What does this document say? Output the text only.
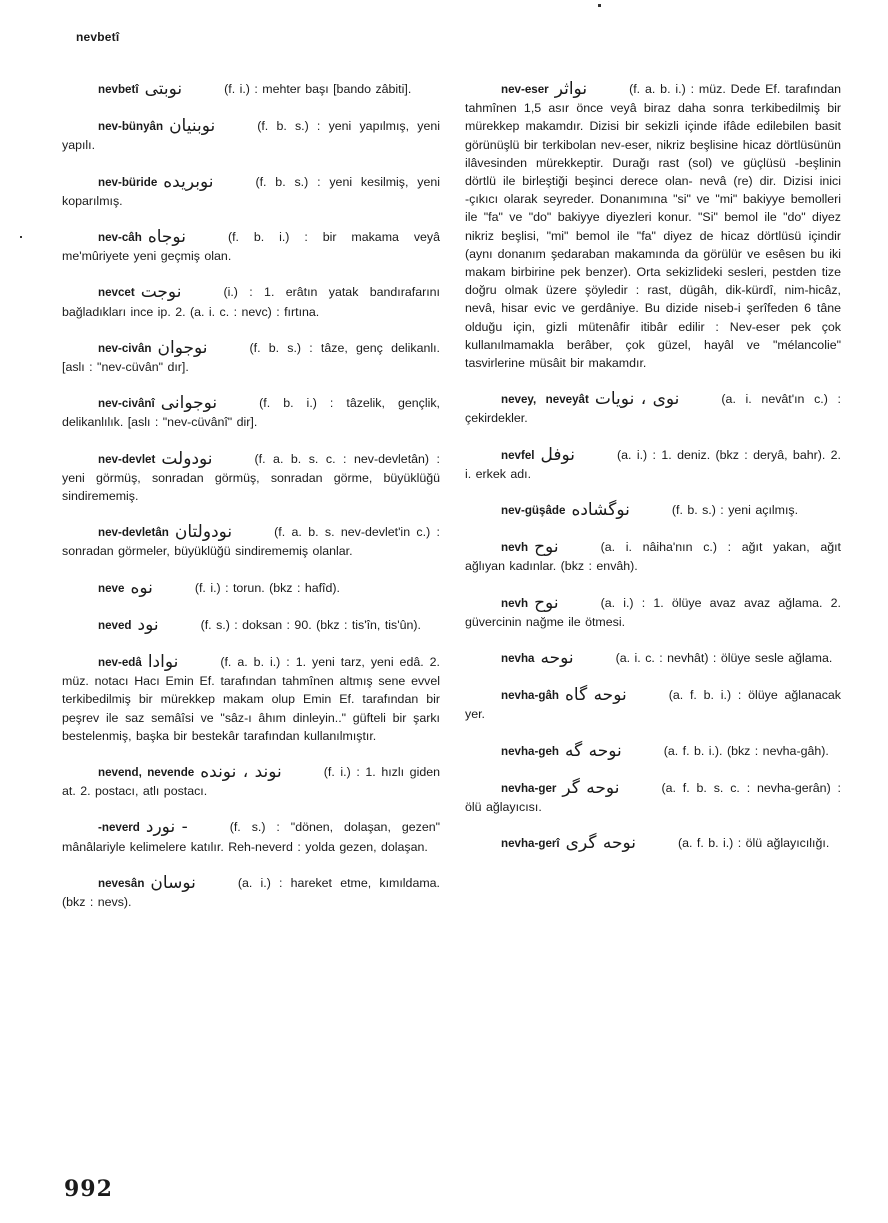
nevbetî

nevbetî نوبتی	(f. i.) : mehter başı [bando zâbiti].

nev-bünyân نوبنیان	(f. b. s.) : yeni yapılmış, yeni yapılı.

nev-büride نوبریده	(f. b. s.) : yeni kesilmiş, yeni koparılmış.

nev-câh نوجاه	(f. b. i.) : bir makama veyâ me'mûriyete yeni geçmiş olan.

nevcet نوجت	(i.) : 1. erâtın yatak bandırafarını bağladıkları ince ip. 2. (a. i. c. : nevc) : fırtına.

nev-civân نوجوان	(f. b. s.) : tâze, genç delikanlı. [aslı : "nev-cüvân" dır].

nev-civânî نوجوانی	(f. b. i.) : tâzelik, gençlik, delikanlılık. [aslı : "nev-cüvânî" dir].

nev-devlet نودولت	(f. a. b. s. c. : nev-devletân) : yeni görmüş, sonradan görmüş, sonradan görme, büyüklüğü sindirememiş.

nev-devletân نودولتان	(f. a. b. s. nev-devlet'in c.) : sonradan görmeler, büyüklüğü sindirememiş olanlar.

neve نوه	(f. i.) : torun. (bkz : hafîd).

neved نود	(f. s.) : doksan : 90. (bkz : tis'în, tis'ûn).

nev-edâ نوادا	(f. a. b. i.) : 1. yeni tarz, yeni edâ. 2. müz. notacı Hacı Emin Ef. tarafından tahmînen altmış sene evvel terkibedilmiş bir mürekkep makam olup Emin Ef. tarafından bir peşrev ile saz semâîsi ve "sâz-ı âhım dinleyin.." güfteli bir şarkı bestelenmiş, başka bir bestekâr tarafından kullanılmıştır.

nevend, nevende نوند ، نونده	(f. i.) : 1. hızlı giden at. 2. postacı, atlı postacı.

-neverd - نورد	(f. s.) : "dönen, dolaşan, gezen" mânâlariyle kelimelere katılır. Reh-neverd : yolda gezen, dolaşan.

nevesân نوسان	(a. i.) : hareket etme, kımıldama. (bkz : nevs).

nev-eser نواثر	(f. a. b. i.) : müz. Dede Ef. tarafından tahmînen 1,5 asır önce veyâ biraz daha sonra terkibedilmiş bir mürekkep makamdır. Dizisi bir sekizli içinde ifâde edilebilen basit görünüşlü bir terkibolan nev-eser, nikriz beşlisine hicaz dörtlüsünün ilâvesinden mürekkeptir. Durağı rast (sol) ve güçlüsü -beşlinin dörtlü ile birleştiği beşinci derece olan- nevâ (re) dir. Dizisi inici -çıkıcı olarak seyreder. Donanımına "si" ve "mi" bakiyye bemolleri ile "fa" ve "do" bakiyye diyezleri konur. "Si" bemol ile "do" diyez nikriz beşlisi, "mi" bemol ile "fa" diyez de hicaz dörtlüsü içindir (aynı donanım şedaraban makamında da görülür ve esêsen bu iki makam birbirine pek benzer). Orta sekizlideki sesleri, pestden tize doğru olmak üzere şöyledir : rast, dügâh, dik-kürdî, nim-hicâz, nevâ, hisar evic ve gerdâniye. Bu dizide niseb-i şerîfeden 6 tâne olduğu için, gizli mütenâfir itibâr edilir : Nev-eser pek çok kullanılmamakla berâber, çok güzel, hayâl ve "mélancolie" tasvirlerine müsâit bir makamdır.

nevey, neveyât نوی ، نویات	(a. i. nevât'ın c.) : çekirdekler.

nevfel نوفل	(a. i.) : 1. deniz. (bkz : deryâ, bahr). 2. i. erkek adı.

nev-güşâde نوگشاده	(f. b. s.) : yeni açılmış.

nevh نوح	(a. i. nâiha'nın c.) : ağıt yakan, ağıt ağlıyan kadınlar. (bkz : envâh).

nevh نوح	(a. i.) : 1. ölüye avaz avaz ağlama. 2. güvercinin nağme ile ötmesi.

nevha نوحه	(a. i. c. : nevhât) : ölüye sesle ağlama.

nevha-gâh نوحه گاه	(a. f. b. i.) : ölüye ağlanacak yer.

nevha-geh نوحه گه	(a. f. b. i.). (bkz : nevha-gâh).

nevha-ger نوحه گر	(a. f. b. s. c. : nevha-gerân) : ölü ağlayıcısı.

nevha-gerî نوحه گری	(a. f. b. i.) : ölü ağlayıcılığı.

992
